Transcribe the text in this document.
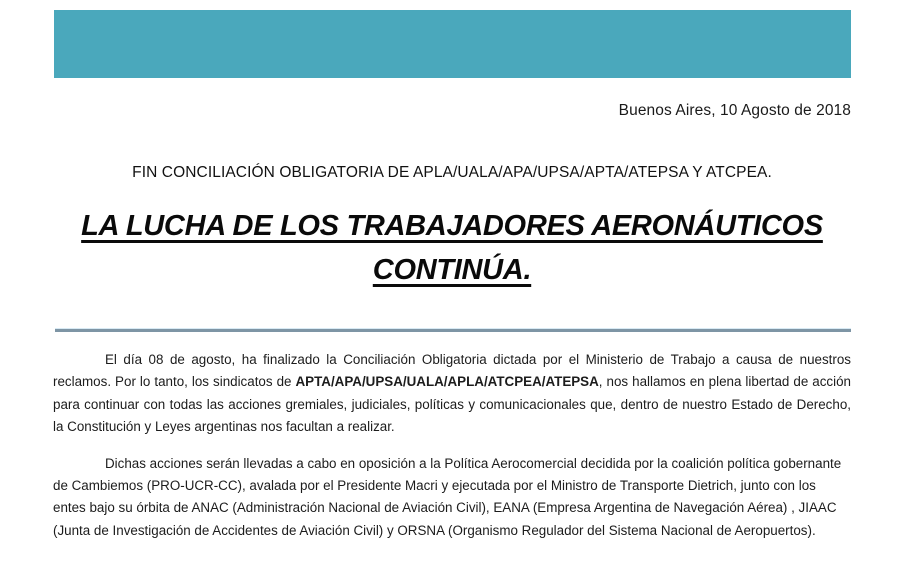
Buenos Aires, 10 Agosto de 2018
FIN CONCILIACIÓN OBLIGATORIA DE APLA/UALA/APA/UPSA/APTA/ATEPSA Y ATCPEA.
LA LUCHA DE LOS TRABAJADORES AERONÁUTICOS
CONTINÚA.

El día 08 de agosto, ha finalizado la Conciliación Obligatoria dictada por el Ministerio de Trabajo a causa de nuestros reclamos. Por lo tanto, los sindicatos de APTA/APA/UPSA/UALA/APLA/ATCPEA/ATEPSA, nos hallamos en plena libertad de acción para continuar con todas las acciones gremiales, judiciales, políticas y comunicacionales que, dentro de nuestro Estado de Derecho, la Constitución y Leyes argentinas nos facultan a realizar.

Dichas acciones serán llevadas a cabo en oposición a la Política Aerocomercial decidida por la coalición política gobernante de Cambiemos (PRO-UCR-CC), avalada por el Presidente Macri y ejecutada por el Ministro de Transporte Dietrich, junto con los entes bajo su órbita de ANAC (Administración Nacional de Aviación Civil), EANA (Empresa Argentina de Navegación Aérea) , JIAAC (Junta de Investigación de Accidentes de Aviación Civil) y ORSNA (Organismo Regulador del Sistema Nacional de Aeropuertos).
